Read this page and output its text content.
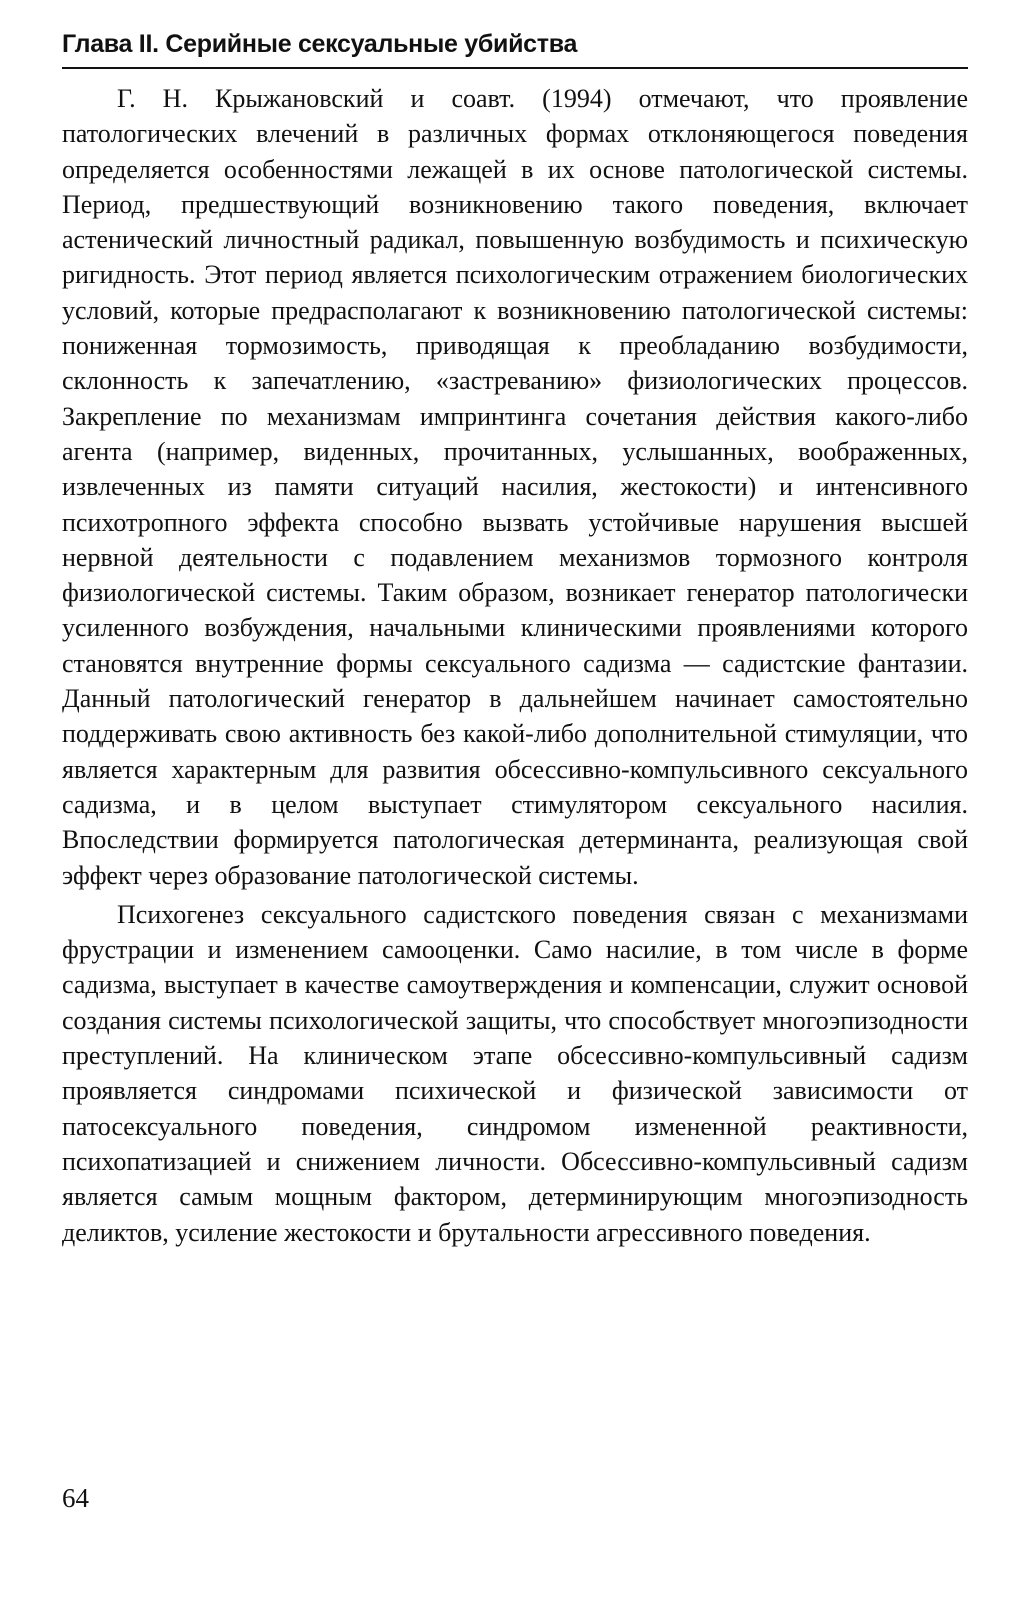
Глава II. Серийные сексуальные убийства

Г. Н. Крыжановский и соавт. (1994) отмечают, что проявление патологических влечений в различных формах отклоняющегося поведения определяется особенностями лежащей в их основе патологической системы. Период, предшествующий возникновению такого поведения, включает астенический личностный радикал, повышенную возбудимость и психическую ригидность. Этот период является психологическим отражением биологических условий, которые предрасполагают к возникновению патологической системы: пониженная тормозимость, приводящая к преобладанию возбудимости, склонность к запечатлению, «застреванию» физиологических процессов. Закрепление по механизмам импринтинга сочетания действия какого-либо агента (например, виденных, прочитанных, услышанных, воображенных, извлеченных из памяти ситуаций насилия, жестокости) и интенсивного психотропного эффекта способно вызвать устойчивые нарушения высшей нервной деятельности с подавлением механизмов тормозного контроля физиологической системы. Таким образом, возникает генератор патологически усиленного возбуждения, начальными клиническими проявлениями которого становятся внутренние формы сексуального садизма — садистские фантазии. Данный патологический генератор в дальнейшем начинает самостоятельно поддерживать свою активность без какой-либо дополнительной стимуляции, что является характерным для развития обсессивно-компульсивного сексуального садизма, и в целом выступает стимулятором сексуального насилия. Впоследствии формируется патологическая детерминанта, реализующая свой эффект через образование патологической системы.

Психогенез сексуального садистского поведения связан с механизмами фрустрации и изменением самооценки. Само насилие, в том числе в форме садизма, выступает в качестве самоутверждения и компенсации, служит основой создания системы психологической защиты, что способствует многоэпизодности преступлений. На клиническом этапе обсессивно-компульсивный садизм проявляется синдромами психической и физической зависимости от патосексуального поведения, синдромом измененной реактивности, психопатизацией и снижением личности. Обсессивно-компульсивный садизм является самым мощным фактором, детерминирующим многоэпизодность деликтов, усиление жестокости и брутальности агрессивного поведения.

64
